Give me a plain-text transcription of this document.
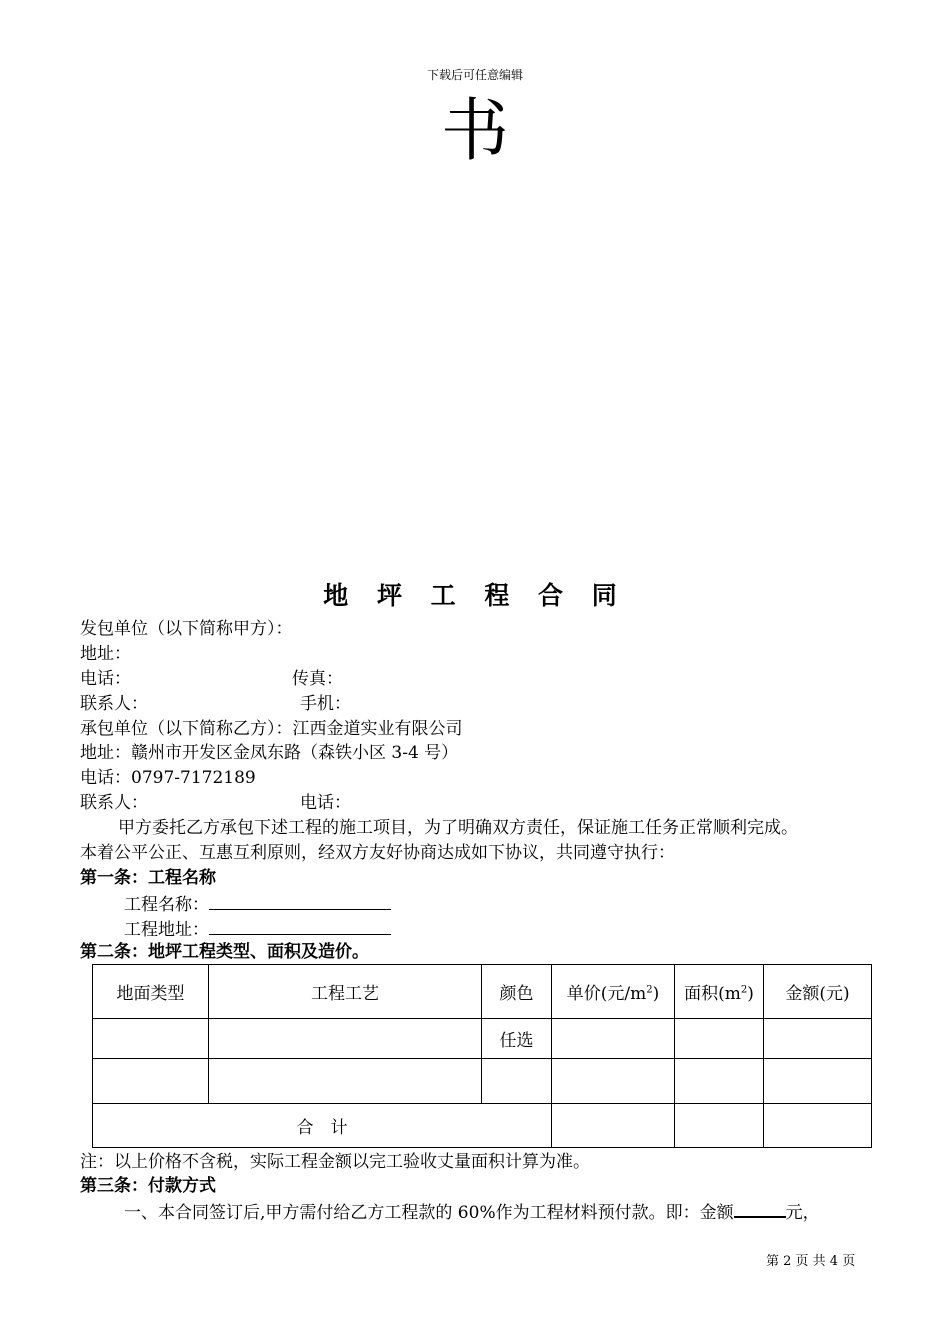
下载后可任意编辑
书
地 坪 工 程 合 同
发包单位（以下简称甲方）：
地址：
电话：	传真：
联系人：	手机：
承包单位（以下简称乙方）：江西金道实业有限公司
地址：赣州市开发区金凤东路（森铁小区 3-4 号）
电话：0797-7172189
联系人：	电话：
甲方委托乙方承包下述工程的施工项目，为了明确双方责任，保证施工任务正常顺利完成。
本着公平公正、互惠互利原则，经双方友好协商达成如下协议，共同遵守执行：
第一条：工程名称
工程名称：
工程地址：
第二条：地坪工程类型、面积及造价。
地面类型	工程工艺	颜色	单价(元$/m^2$)	面积$(m^2)$	金额(元)
		任选			

合　计					
注：以上价格不含税，实际工程金额以完工验收丈量面积计算为准。
第三条：付款方式
一、本合同签订后,甲方需付给乙方工程款的 60%作为工程材料预付款。即：金额	元，
第 2 页 共 4 页
